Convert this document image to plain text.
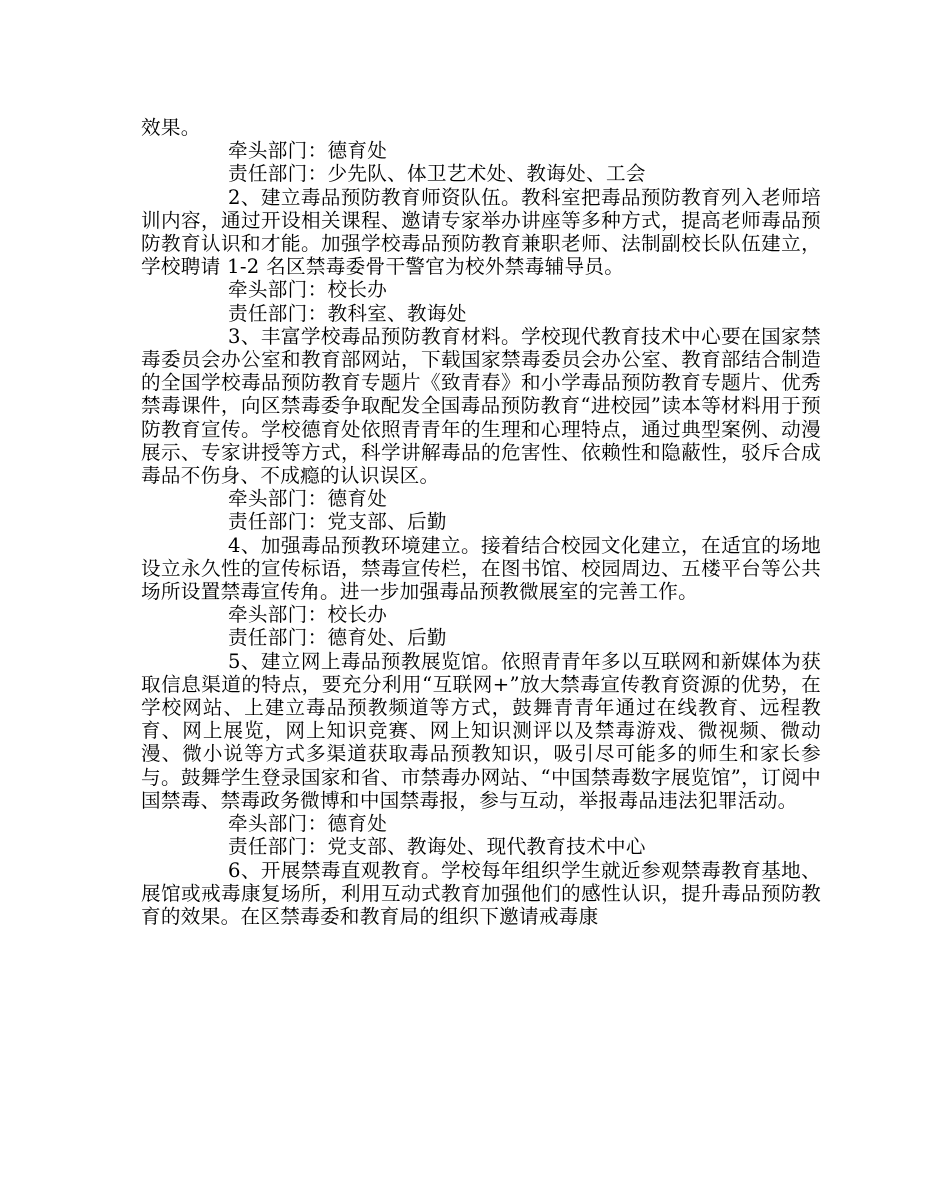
效果。

牵头部门：德育处

责任部门：少先队、体卫艺术处、教诲处、工会

2、建立毒品预防教育师资队伍。教科室把毒品预防教育列入老师培训内容，通过开设相关课程、邀请专家举办讲座等多种方式，提高老师毒品预防教育认识和才能。加强学校毒品预防教育兼职老师、法制副校长队伍建立，学校聘请 1-2 名区禁毒委骨干警官为校外禁毒辅导员。

牵头部门：校长办

责任部门：教科室、教诲处

3、丰富学校毒品预防教育材料。学校现代教育技术中心要在国家禁毒委员会办公室和教育部网站，下载国家禁毒委员会办公室、教育部结合制造的全国学校毒品预防教育专题片《致青春》和小学毒品预防教育专题片、优秀禁毒课件，向区禁毒委争取配发全国毒品预防教育“进校园”读本等材料用于预防教育宣传。学校德育处依照青青年的生理和心理特点，通过典型案例、动漫展示、专家讲授等方式，科学讲解毒品的危害性、依赖性和隐蔽性，驳斥合成毒品不伤身、不成瘾的认识误区。

牵头部门：德育处

责任部门：党支部、后勤

4、加强毒品预教环境建立。接着结合校园文化建立，在适宜的场地设立永久性的宣传标语，禁毒宣传栏，在图书馆、校园周边、五楼平台等公共场所设置禁毒宣传角。进一步加强毒品预教微展室的完善工作。

牵头部门：校长办

责任部门：德育处、后勤

5、建立网上毒品预教展览馆。依照青青年多以互联网和新媒体为获取信息渠道的特点，要充分利用“互联网+”放大禁毒宣传教育资源的优势，在学校网站、上建立毒品预教频道等方式，鼓舞青青年通过在线教育、远程教育、网上展览，网上知识竞赛、网上知识测评以及禁毒游戏、微视频、微动漫、微小说等方式多渠道获取毒品预教知识，吸引尽可能多的师生和家长参与。鼓舞学生登录国家和省、市禁毒办网站、“中国禁毒数字展览馆”，订阅中国禁毒、禁毒政务微博和中国禁毒报，参与互动，举报毒品违法犯罪活动。

牵头部门：德育处

责任部门：党支部、教诲处、现代教育技术中心

6、开展禁毒直观教育。学校每年组织学生就近参观禁毒教育基地、展馆或戒毒康复场所，利用互动式教育加强他们的感性认识，提升毒品预防教育的效果。在区禁毒委和教育局的组织下邀请戒毒康
